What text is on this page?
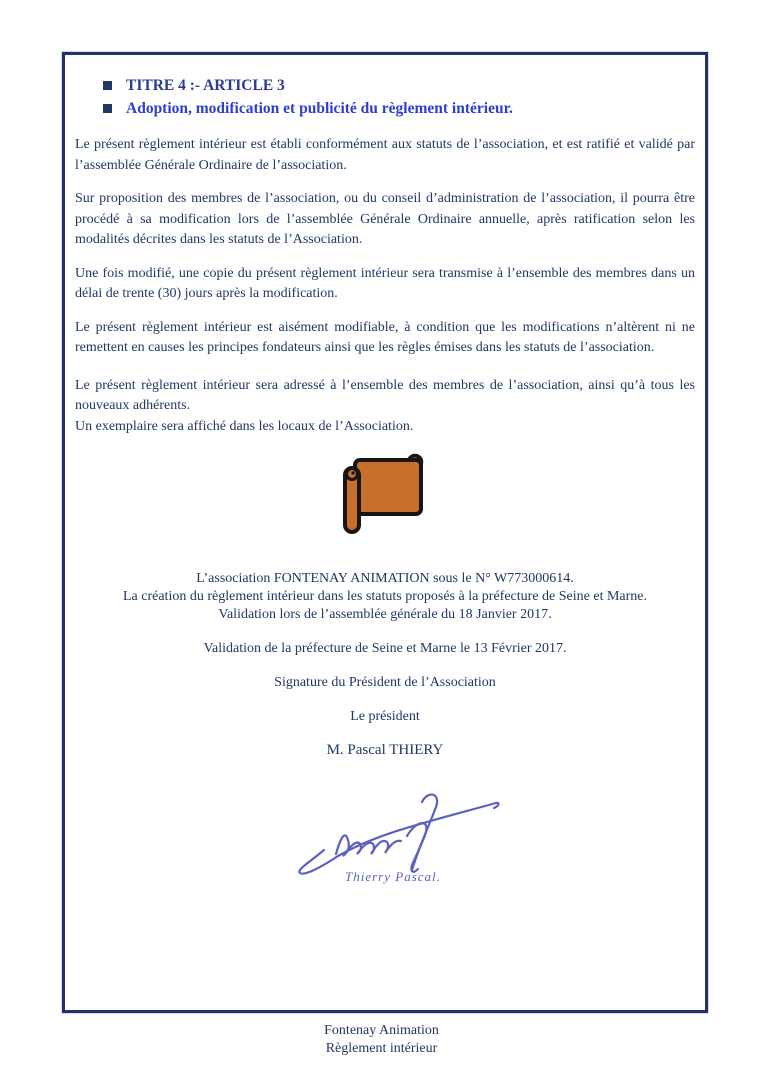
TITRE 4 :- ARTICLE 3
Adoption, modification et publicité du règlement intérieur.

Le présent règlement intérieur est établi conformément aux statuts de l’association, et est ratifié et validé par l’assemblée Générale Ordinaire de l’association.

Sur proposition des membres de l’association, ou du conseil d’administration de l’association, il pourra être procédé à sa modification lors de l’assemblée Générale Ordinaire annuelle, après ratification selon les modalités décrites dans les statuts de l’Association.

Une fois modifié, une copie du présent règlement intérieur sera transmise à l’ensemble des membres dans un délai de trente (30) jours après la modification.

Le présent règlement intérieur est aisément modifiable, à condition que les modifications n’altèrent ni ne remettent en causes les principes fondateurs ainsi que les règles émises dans les statuts de l’association.

Le présent règlement intérieur sera adressé à l’ensemble des membres de l’association, ainsi qu’à tous les nouveaux adhérents.

Un exemplaire sera affiché dans les locaux de l’Association.

L’association FONTENAY ANIMATION sous le N° W773000614.
La création du règlement intérieur dans les statuts proposés à la préfecture de Seine et Marne.
Validation lors de l’assemblée générale du 18 Janvier 2017.
Validation de la préfecture de Seine et Marne le 13 Février 2017.
Signature du Président de l’Association
Le président
M. Pascal THIERY
Thierry Pascal.
Fontenay Animation
Règlement intérieur
